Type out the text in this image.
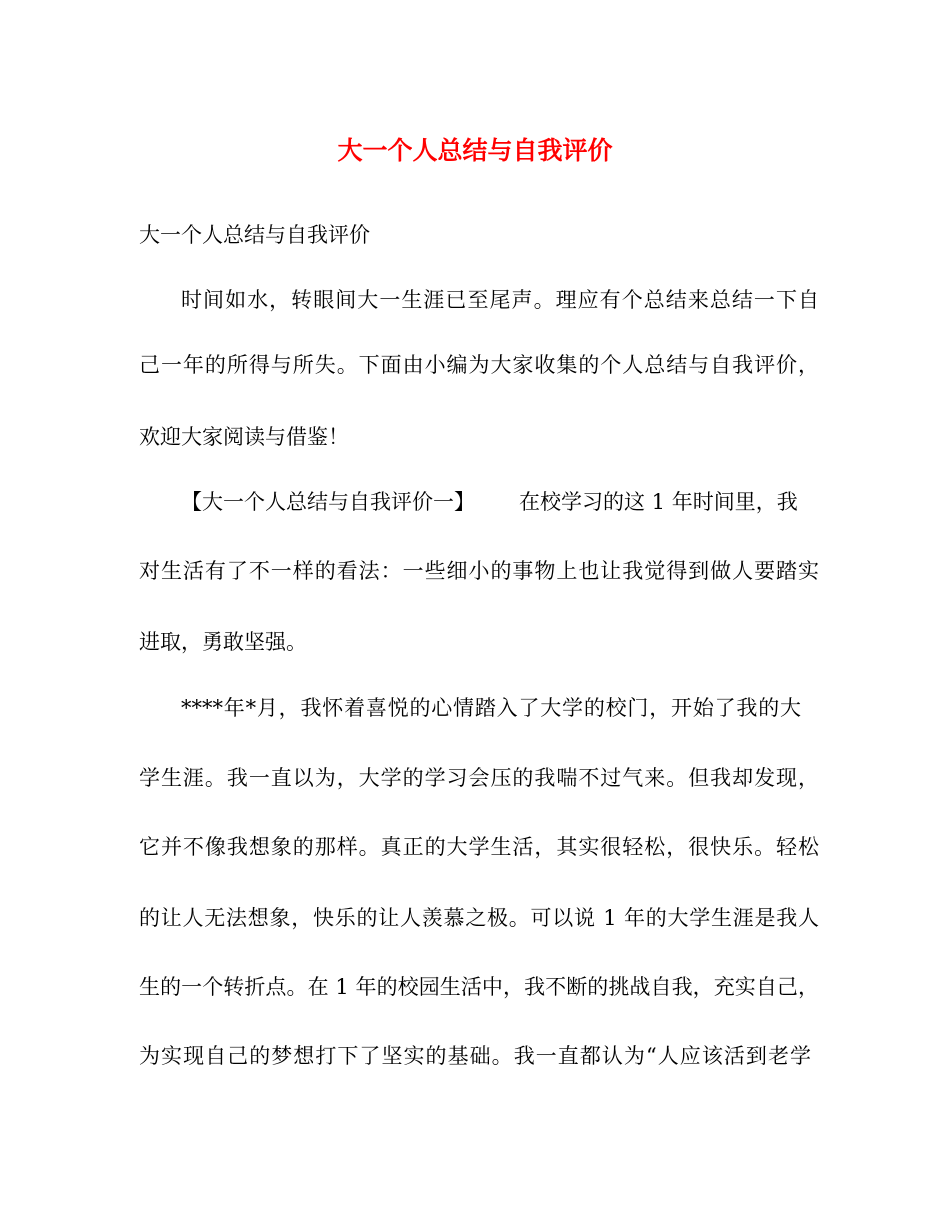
大一个人总结与自我评价
大一个人总结与自我评价
时间如水，转眼间大一生涯已至尾声。理应有个总结来总结一下自
己一年的所得与所失。下面由小编为大家收集的个人总结与自我评价，
欢迎大家阅读与借鉴！
【大一个人总结与自我评价一】 在校学习的这 1 年时间里，我
对生活有了不一样的看法：一些细小的事物上也让我觉得到做人要踏实
进取，勇敢坚强。
****年*月，我怀着喜悦的心情踏入了大学的校门，开始了我的大
学生涯。我一直以为，大学的学习会压的我喘不过气来。但我却发现，
它并不像我想象的那样。真正的大学生活，其实很轻松，很快乐。轻松
的让人无法想象，快乐的让人羡慕之极。可以说 1 年的大学生涯是我人
生的一个转折点。在 1 年的校园生活中，我不断的挑战自我，充实自己，
为实现自己的梦想打下了坚实的基础。我一直都认为“人应该活到老学
